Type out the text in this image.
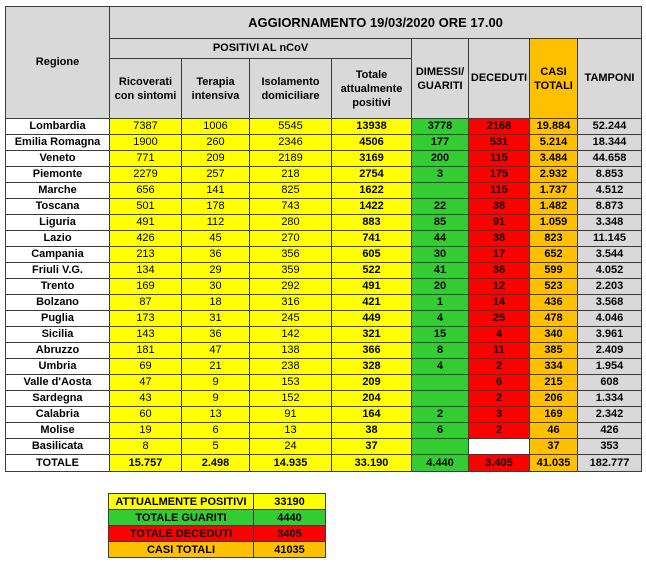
Regione	AGGIORNAMENTO 19/03/2020 ORE 17.00							
	POSITIVI AL nCoV				DIMESSI/ GUARITI	DECEDUTI	CASI TOTALI	TAMPONI
	Ricoverati con sintomi	Terapia intensiva	Isolamento domiciliare	Totale attualmente positivi				
Lombardia	7387	1006	5545	13938	3778	2168	19.884	52.244
Emilia Romagna	1900	260	2346	4506	177	531	5.214	18.344
Veneto	771	209	2189	3169	200	115	3.484	44.658
Piemonte	2279	257	218	2754	3	175	2.932	8.853
Marche	656	141	825	1622		115	1.737	4.512
Toscana	501	178	743	1422	22	38	1.482	8.873
Liguria	491	112	280	883	85	91	1.059	3.348
Lazio	426	45	270	741	44	38	823	11.145
Campania	213	36	356	605	30	17	652	3.544
Friuli V.G.	134	29	359	522	41	36	599	4.052
Trento	169	30	292	491	20	12	523	2.203
Bolzano	87	18	316	421	1	14	436	3.568
Puglia	173	31	245	449	4	25	478	4.046
Sicilia	143	36	142	321	15	4	340	3.961
Abruzzo	181	47	138	366	8	11	385	2.409
Umbria	69	21	238	328	4	2	334	1.954
Valle d'Aosta	47	9	153	209		6	215	608
Sardegna	43	9	152	204		2	206	1.334
Calabria	60	13	91	164	2	3	169	2.342
Molise	19	6	13	38	6	2	46	426
Basilicata	8	5	24	37			37	353
TOTALE	15.757	2.498	14.935	33.190	4.440	3.405	41.035	182.777
ATTUALMENTE POSITIVI	33190
TOTALE GUARITI	4440
TOTALE DECEDUTI	3405
CASI TOTALI	41035
